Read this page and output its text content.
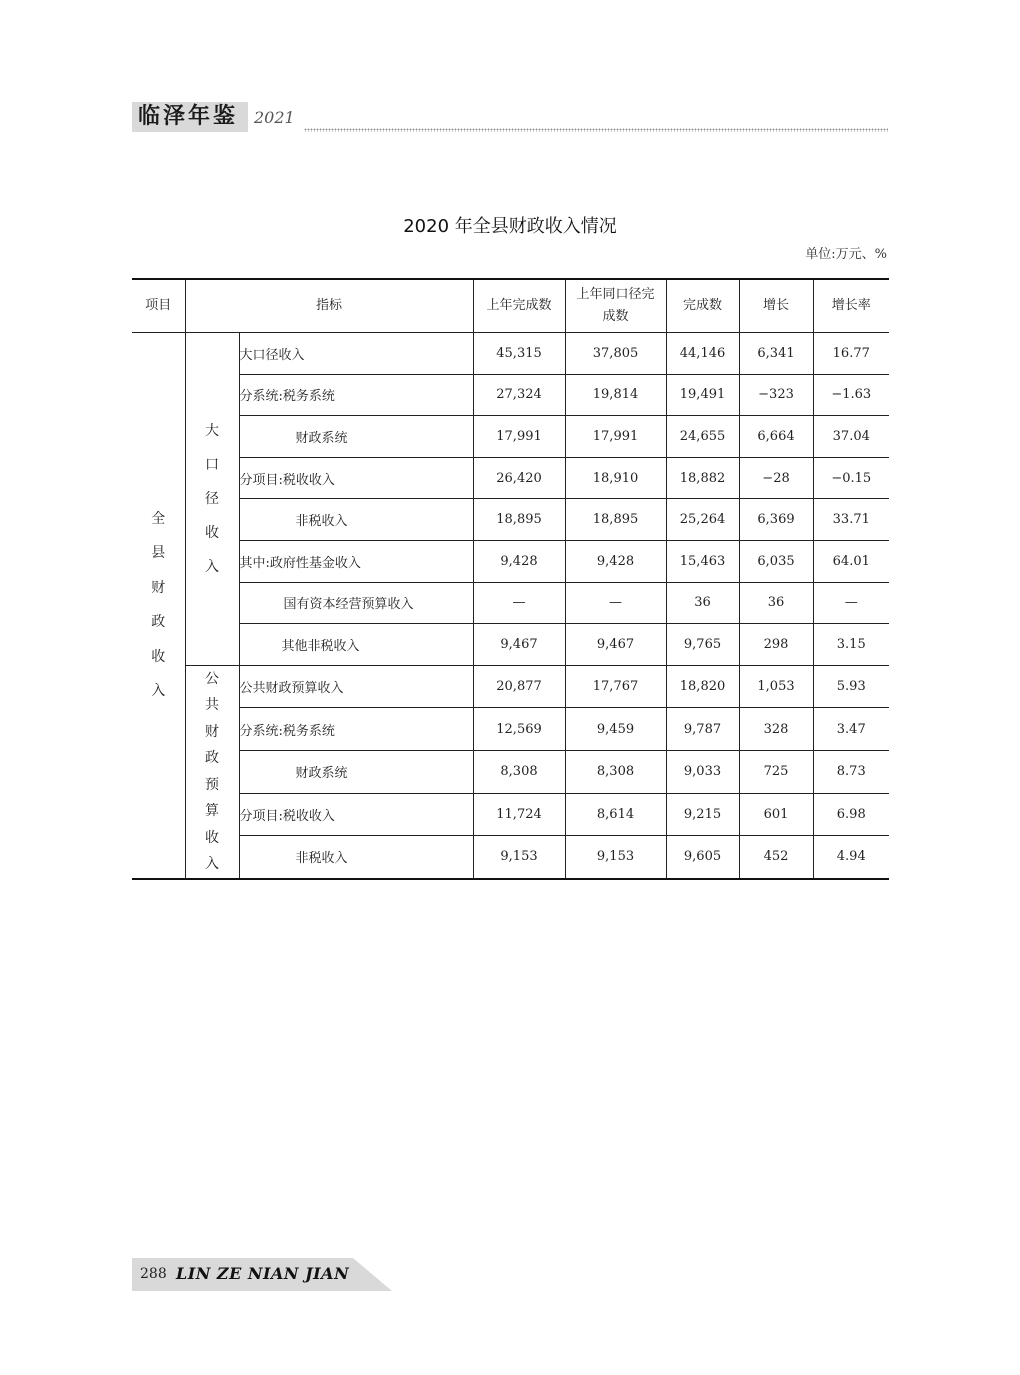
临泽年鉴 2021
2020 年全县财政收入情况
单位:万元、%
项目	指标		上年完成数	上年同口径完成数	完成数	增长	增长率
全县财政收入	大口径收入	大口径收入	45,315	37,805	44,146	6,341	16.77
		分系统:税务系统	27,324	19,814	19,491	−323	−1.63
		财政系统	17,991	17,991	24,655	6,664	37.04
		分项目:税收收入	26,420	18,910	18,882	−28	−0.15
		非税收入	18,895	18,895	25,264	6,369	33.71
		其中:政府性基金收入	9,428	9,428	15,463	6,035	64.01
		国有资本经营预算收入	—	—	36	36	—
		其他非税收入	9,467	9,467	9,765	298	3.15
	公共财政预算收入	公共财政预算收入	20,877	17,767	18,820	1,053	5.93
		分系统:税务系统	12,569	9,459	9,787	328	3.47
		财政系统	8,308	8,308	9,033	725	8.73
		分项目:税收收入	11,724	8,614	9,215	601	6.98
		非税收入	9,153	9,153	9,605	452	4.94
288 LIN ZE NIAN JIAN
